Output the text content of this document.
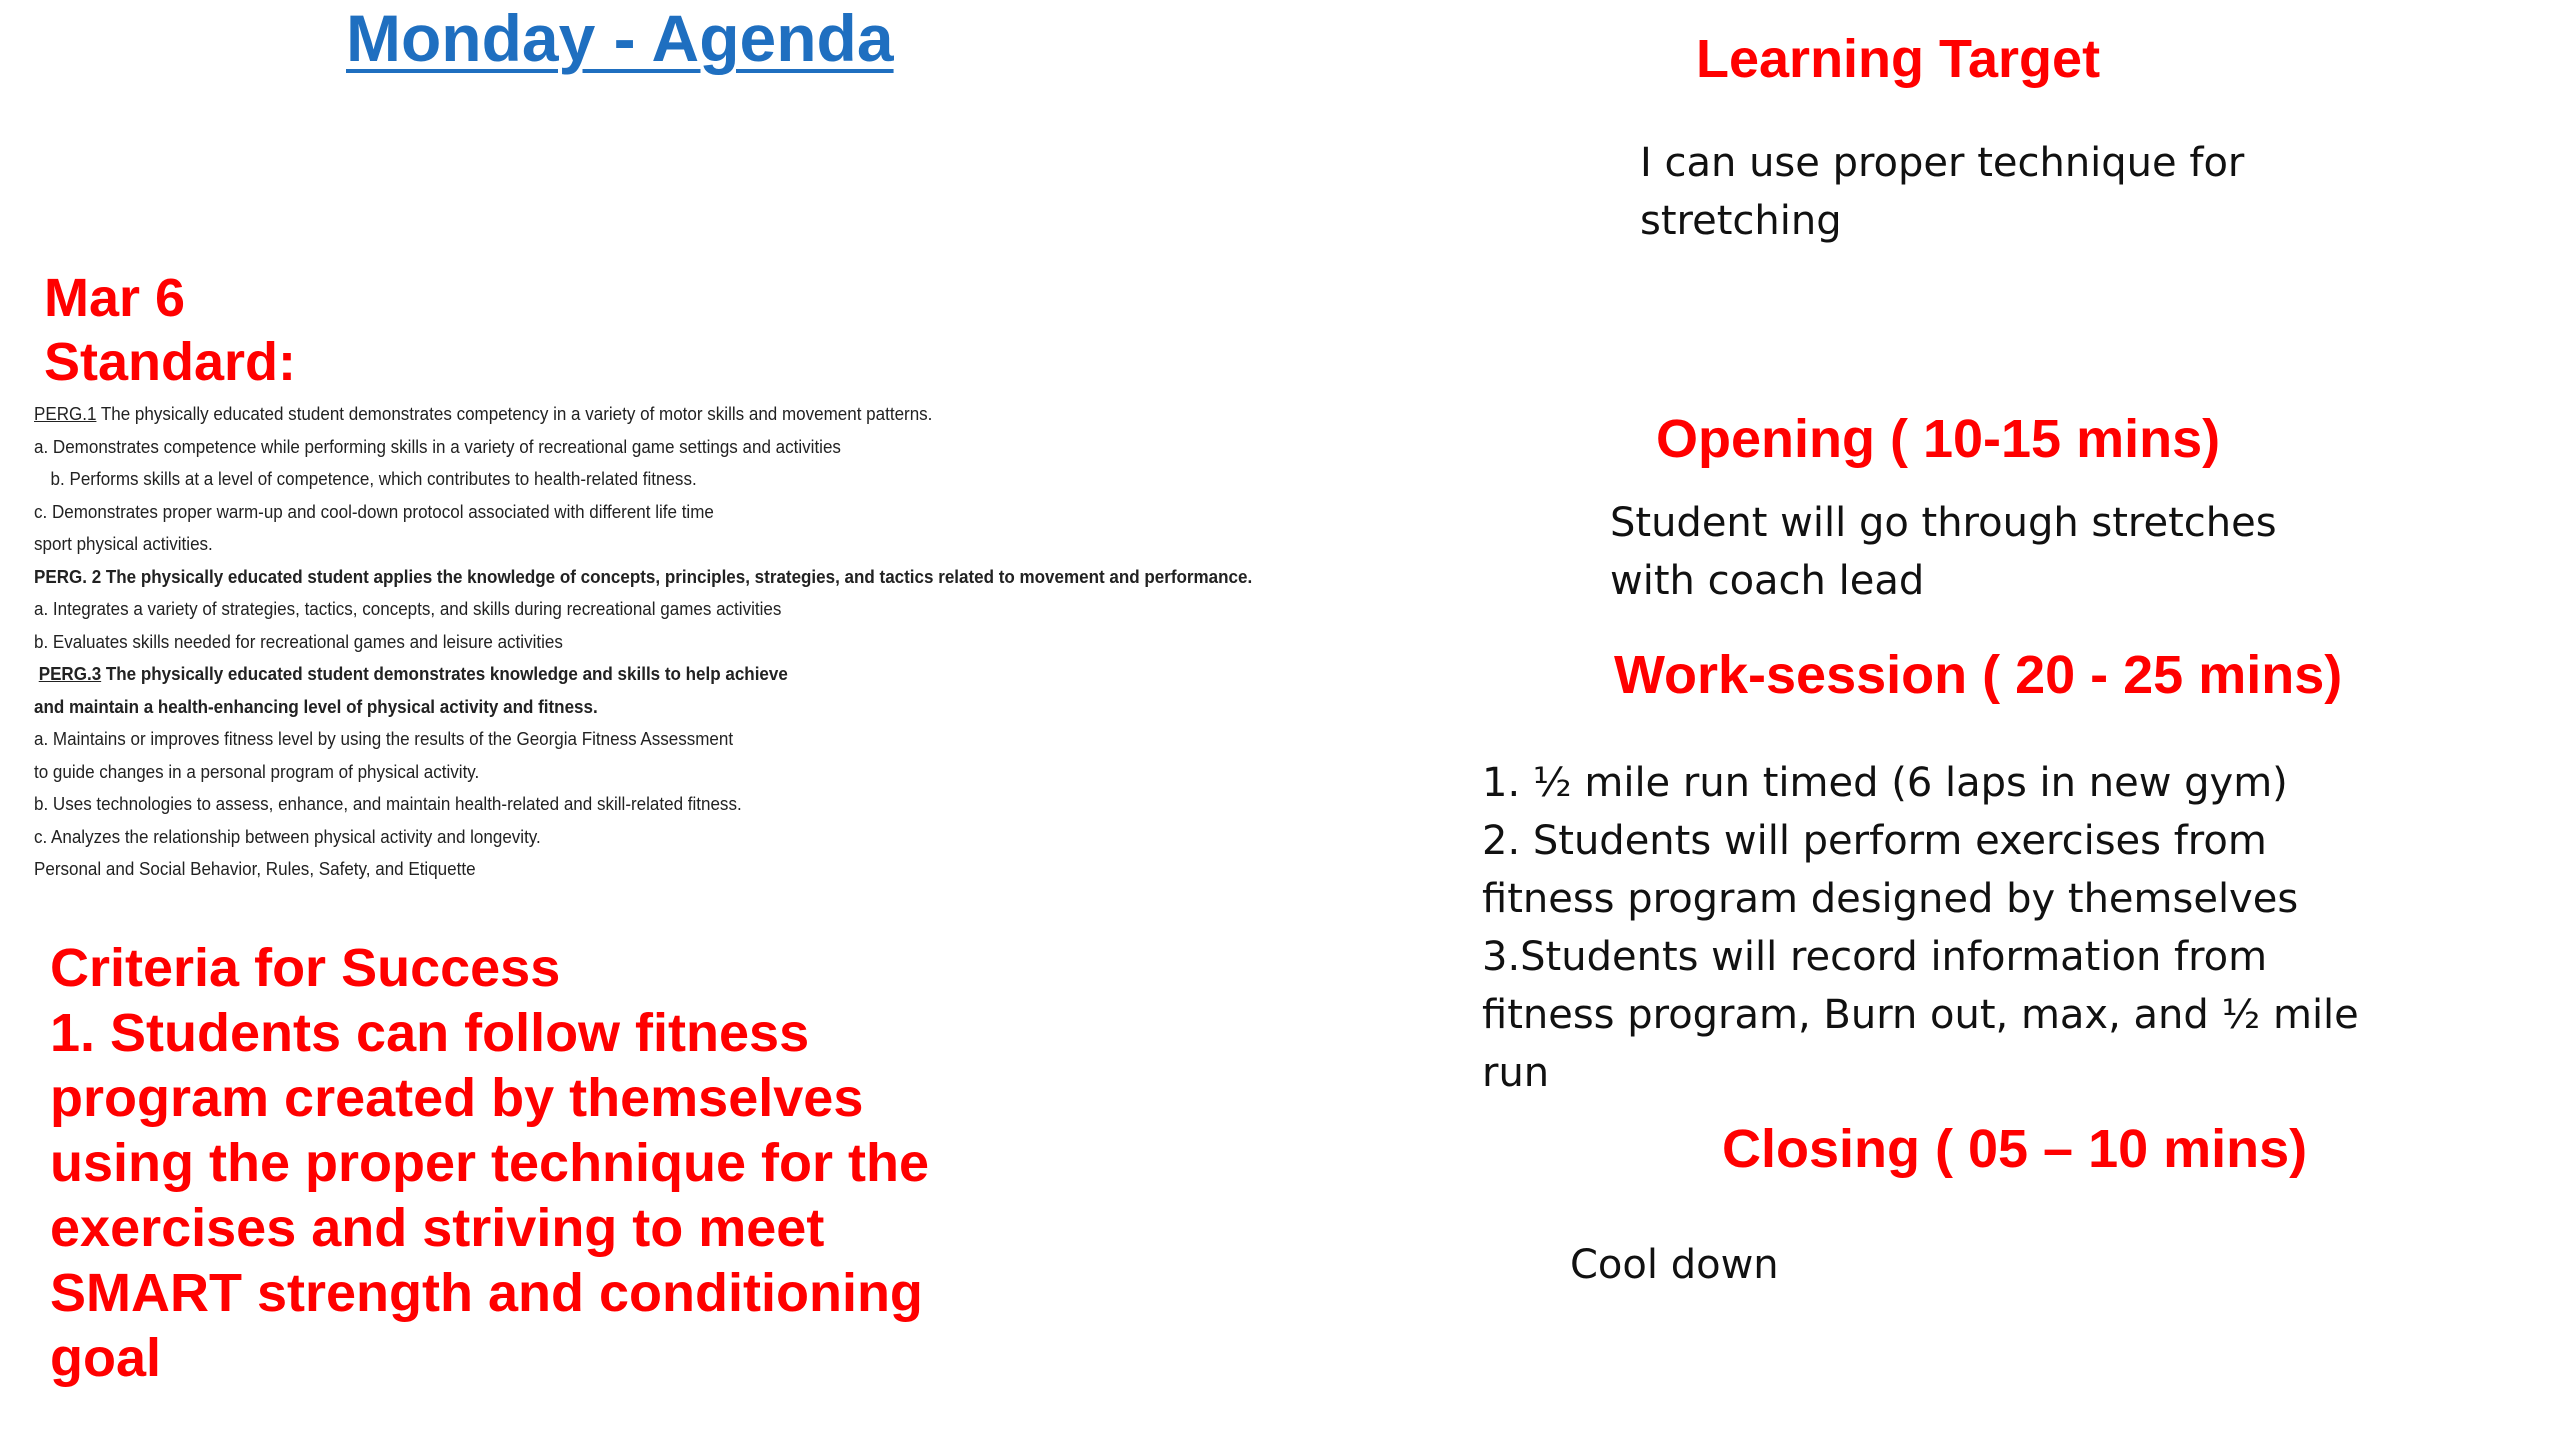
Monday - Agenda
Mar 6
Standard:
PERG.1 The physically educated student demonstrates competency in a variety of motor skills and movement patterns.
a. Demonstrates competence while performing skills in a variety of recreational game settings and activities
b. Performs skills at a level of competence, which contributes to health-related fitness.
c. Demonstrates proper warm-up and cool-down protocol associated with different life time
sport physical activities.
PERG. 2 The physically educated student applies the knowledge of concepts, principles, strategies, and tactics related to movement and performance.
a. Integrates a variety of strategies, tactics, concepts, and skills during recreational games activities
b. Evaluates skills needed for recreational games and leisure activities
PERG.3 The physically educated student demonstrates knowledge and skills to help achieve
and maintain a health-enhancing level of physical activity and fitness.
a. Maintains or improves fitness level by using the results of the Georgia Fitness Assessment
to guide changes in a personal program of physical activity.
b. Uses technologies to assess, enhance, and maintain health-related and skill-related fitness.
c. Analyzes the relationship between physical activity and longevity.
Personal and Social Behavior, Rules, Safety, and Etiquette
Criteria for Success

1. Students can follow fitness program created by themselves using the proper technique for the exercises and striving to meet SMART strength and conditioning goal

Learning Target
I can use proper technique for stretching
Opening ( 10-15 mins)
Student will go through stretches with coach lead
Work-session ( 20 - 25 mins)
1. ½ mile run timed (6 laps in new gym)
2. Students will perform exercises from fitness program designed by themselves
3.Students will record information from fitness program, Burn out, max, and ½ mile run
Closing ( 05 – 10 mins)
Cool down
